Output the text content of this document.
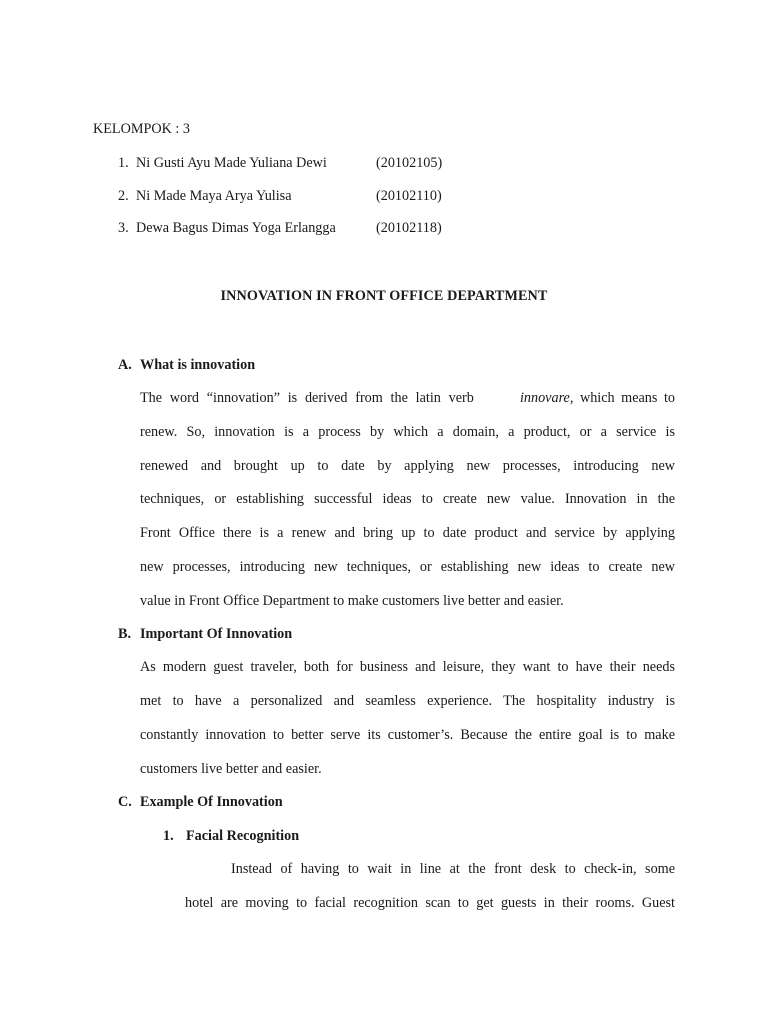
KELOMPOK : 3
1. Ni Gusti Ayu Made Yuliana Dewi	(20102105)
2. Ni Made Maya Arya Yulisa	(20102110)
3. Dewa Bagus Dimas Yoga Erlangga	(20102118)
INNOVATION IN FRONT OFFICE DEPARTMENT
A. What is innovation
The word “innovation” is derived from the latin verb	innovare, which means to
renew. So, innovation is a process by which a domain, a product, or a service is
renewed and brought up to date by applying new processes, introducing new
techniques, or establishing successful ideas to create new value. Innovation in the
Front Office there is a renew and bring up to date product and service by applying
new processes, introducing new techniques, or establishing new ideas to create new
value in Front Office Department to make customers live better and easier.
B. Important Of Innovation
As modern guest traveler, both for business and leisure, they want to have their needs
met to have a personalized and seamless experience. The hospitality industry is
constantly innovation to better serve its customer’s. Because the entire goal is to make
customers live better and easier.
C. Example Of Innovation
1. Facial Recognition
Instead of having to wait in line at the front desk to check-in, some
hotel are moving to facial recognition scan to get guests in their rooms. Guest
